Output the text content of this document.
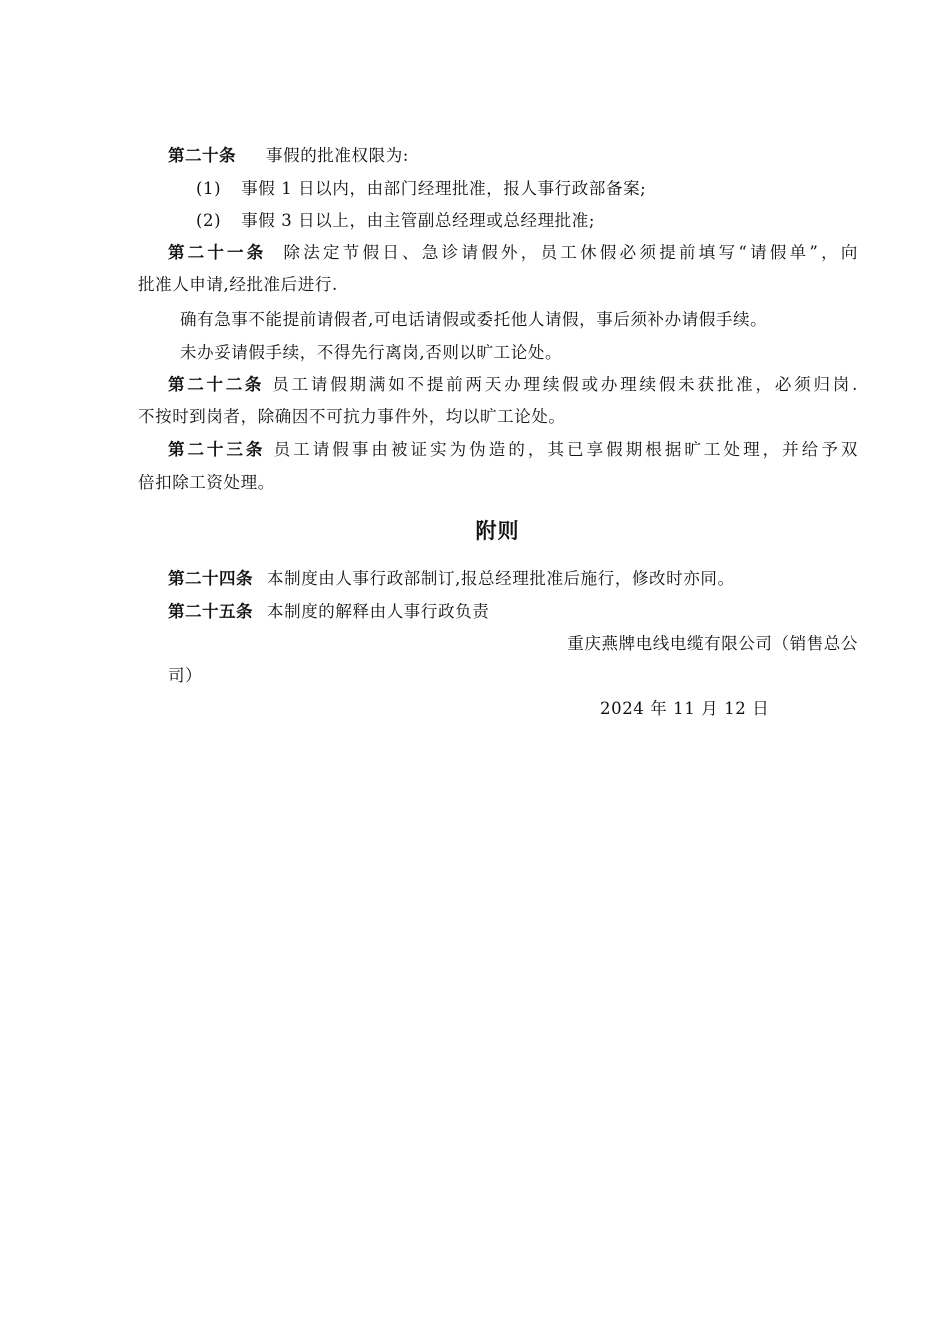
第二十条 事假的批准权限为:
(1) 事假 1 日以内，由部门经理批准，报人事行政部备案;
(2) 事假 3 日以上，由主管副总经理或总经理批准;
第二十一条 除法定节假日、急诊请假外，员工休假必须提前填写“请假单”，向
批准人申请,经批准后进行.
确有急事不能提前请假者,可电话请假或委托他人请假，事后须补办请假手续。
未办妥请假手续，不得先行离岗,否则以旷工论处。
第二十二条 员工请假期满如不提前两天办理续假或办理续假未获批准，必须归岗.
不按时到岗者，除确因不可抗力事件外，均以旷工论处。
第二十三条 员工请假事由被证实为伪造的，其已享假期根据旷工处理，并给予双
倍扣除工资处理。
附则
第二十四条 本制度由人事行政部制订,报总经理批准后施行，修改时亦同。
第二十五条 本制度的解释由人事行政负责
重庆燕牌电线电缆有限公司（销售总公
司）
2024 年 11 月 12 日
